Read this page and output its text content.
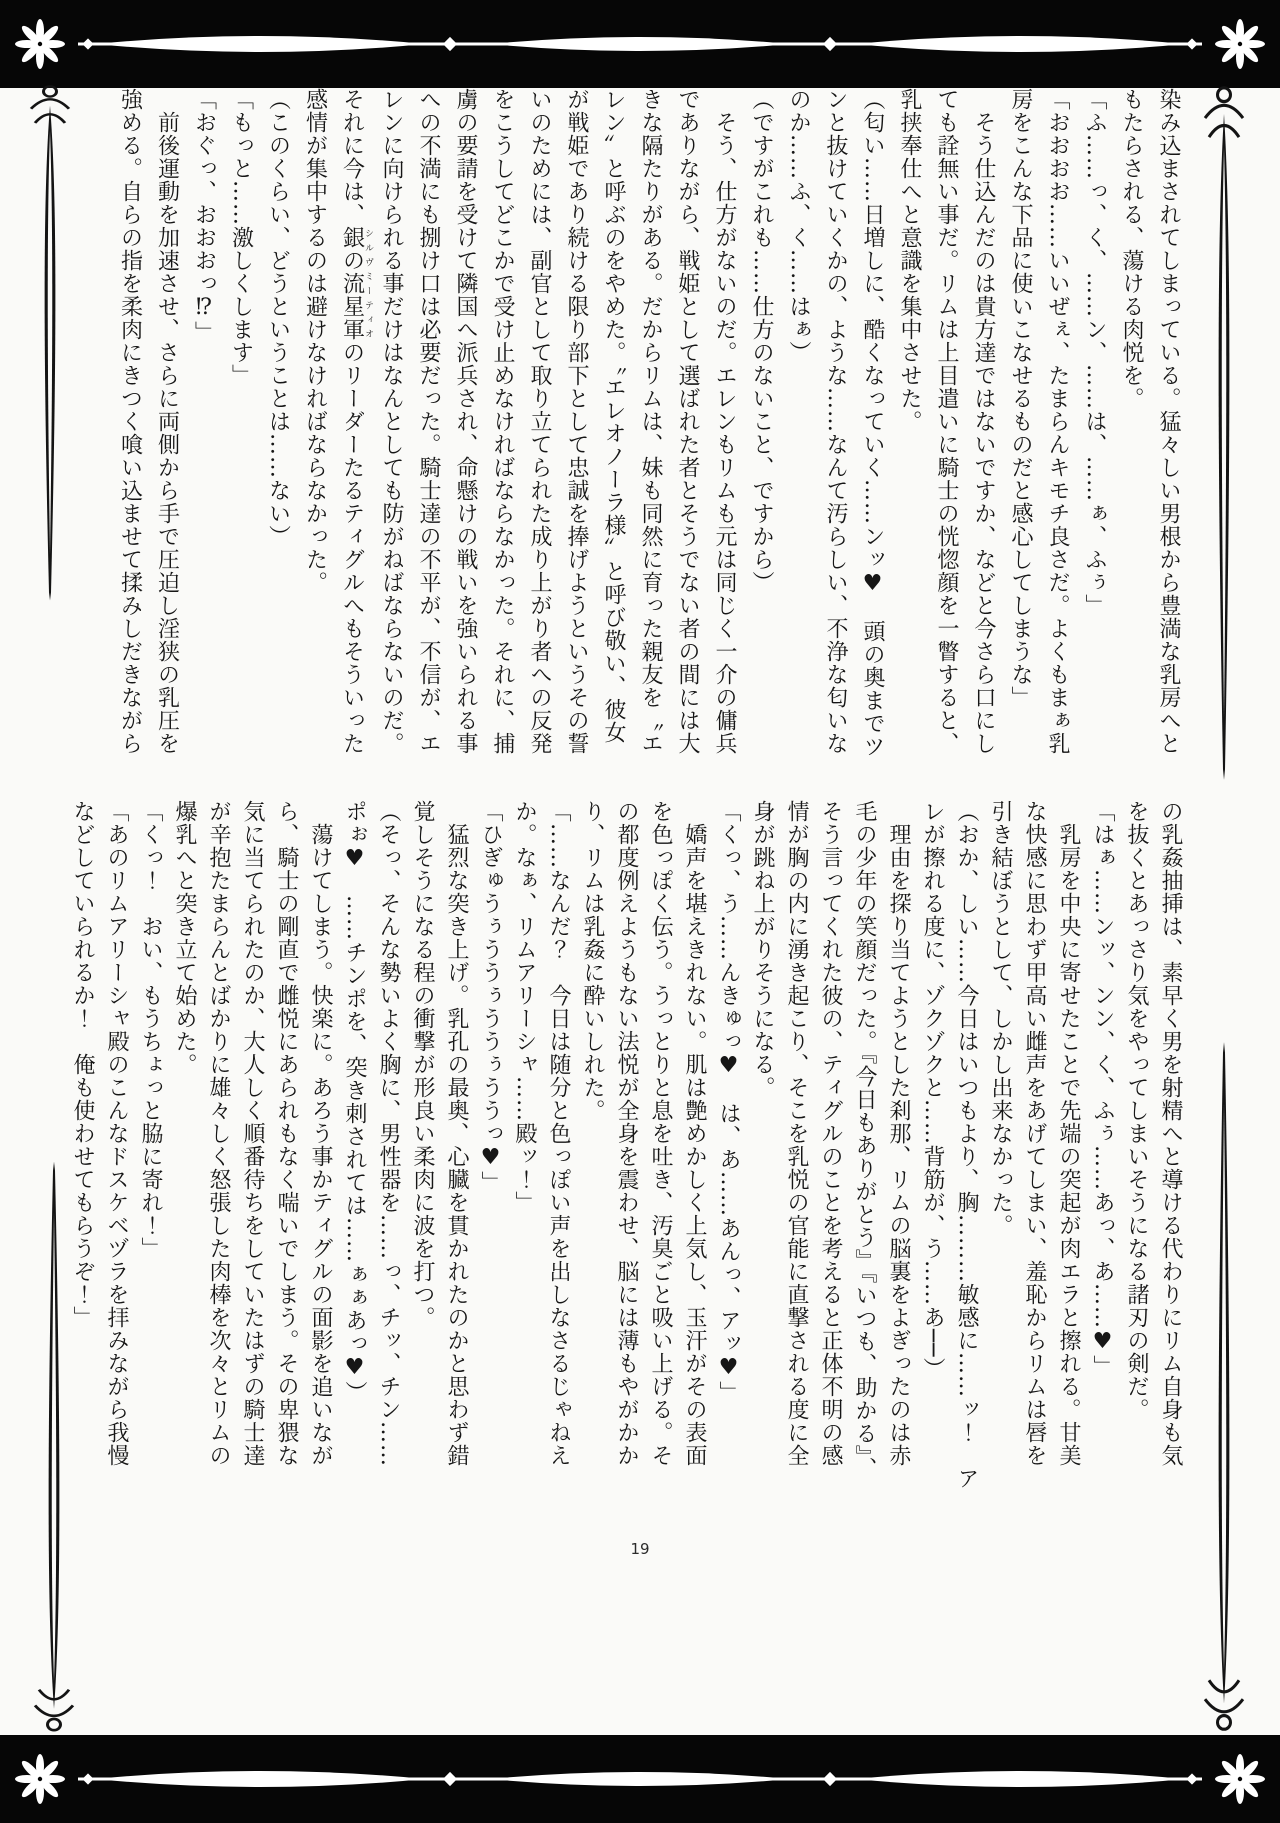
染み込まされてしまっている。猛々しい男根から豊満な乳房へと
もたらされる、蕩ける肉悦を。
「ふ……っ、く、……ン、……は、……ぁ、ふぅ」
「おおおお……いいぜぇ、たまらんキモチ良さだ。よくもまぁ乳
房をこんな下品に使いこなせるものだと感心してしまうな」
　そう仕込んだのは貴方達ではないですか、などと今さら口にし
ても詮無い事だ。リムは上目遣いに騎士の恍惚顔を一瞥すると、
乳挟奉仕へと意識を集中させた。
（匂い……日増しに、酷くなっていく……ンッ♥　頭の奥までツ
ンと抜けていくかの、ような……なんて汚らしい、不浄な匂いな
のか……ふ、く……はぁ）
（ですがこれも……仕方のないこと、ですから）
　そう、仕方がないのだ。エレンもリムも元は同じく一介の傭兵
でありながら、戦姫として選ばれた者とそうでない者の間には大
きな隔たりがある。だからリムは、妹も同然に育った親友を〝エ
レン〟と呼ぶのをやめた。〝エレオノーラ様〟と呼び敬い、彼女
が戦姫であり続ける限り部下として忠誠を捧げようというその誓
いのためには、副官として取り立てられた成り上がり者への反発
をこうしてどこかで受け止めなければならなかった。それに、捕
虜の要請を受けて隣国へ派兵され、命懸けの戦いを強いられる事
への不満にも捌け口は必要だった。騎士達の不平が、不信が、エ
レンに向けられる事だけはなんとしても防がねばならないのだ。
それに今は、銀の流星軍シルヴミーティオのリーダーたるティグルへもそういった
感情が集中するのは避けなければならなかった。
（このくらい、どうということは……ない）
「もっと……激しくします」
「おぐっ、おおおっ⁉」
　前後運動を加速させ、さらに両側から手で圧迫し淫狭の乳圧を
強める。自らの指を柔肉にきつく喰い込ませて揉みしだきながら
の乳姦抽挿は、素早く男を射精へと導ける代わりにリム自身も気
を抜くとあっさり気をやってしまいそうになる諸刃の剣だ。
「はぁ……ンッ、ンン、く、ふぅ……あっ、あ……♥」
　乳房を中央に寄せたことで先端の突起が肉エラと擦れる。甘美
な快感に思わず甲高い雌声をあげてしまい、羞恥からリムは唇を
引き結ぼうとして、しかし出来なかった。
（おか、しい……今日はいつもより、胸………敏感に……ッ！　ア
レが擦れる度に、ゾクゾクと……背筋が、う……あ──）
　理由を探り当てようとした刹那、リムの脳裏をよぎったのは赤
毛の少年の笑顔だった。『今日もありがとう』『いつも、助かる』、
そう言ってくれた彼の、ティグルのことを考えると正体不明の感
情が胸の内に湧き起こり、そこを乳悦の官能に直撃される度に全
身が跳ね上がりそうになる。
「くっ、う……んきゅっ♥　は、あ……あんっ、アッ♥」
　嬌声を堪えきれない。肌は艶めかしく上気し、玉汗がその表面
を色っぽく伝う。うっとりと息を吐き、汚臭ごと吸い上げる。そ
の都度例えようもない法悦が全身を震わせ、脳には薄もやがかか
り、リムは乳姦に酔いしれた。
「……なんだ？　今日は随分と色っぽい声を出しなさるじゃねえ
か。なぁ、リムアリーシャ……殿ッ！」
「ひぎゅうぅううぅううぅううっ♥」
　猛烈な突き上げ。乳孔の最奥、心臓を貫かれたのかと思わず錯
覚しそうになる程の衝撃が形良い柔肉に波を打つ。
（そっ、そんな勢いよく胸に、男性器を……っ、チッ、チン……
ポぉ♥　……チンポを、突き刺されては……ぁぁあっ♥）
　蕩けてしまう。快楽に。あろう事かティグルの面影を追いなが
ら、騎士の剛直で雌悦にあられもなく喘いでしまう。その卑猥な
気に当てられたのか、大人しく順番待ちをしていたはずの騎士達
が辛抱たまらんとばかりに雄々しく怒張した肉棒を次々とリムの
爆乳へと突き立て始めた。
「くっ！　おい、もうちょっと脇に寄れ！」
「あのリムアリーシャ殿のこんなドスケベヅラを拝みながら我慢
などしていられるか！　俺も使わせてもらうぞ！」
19
